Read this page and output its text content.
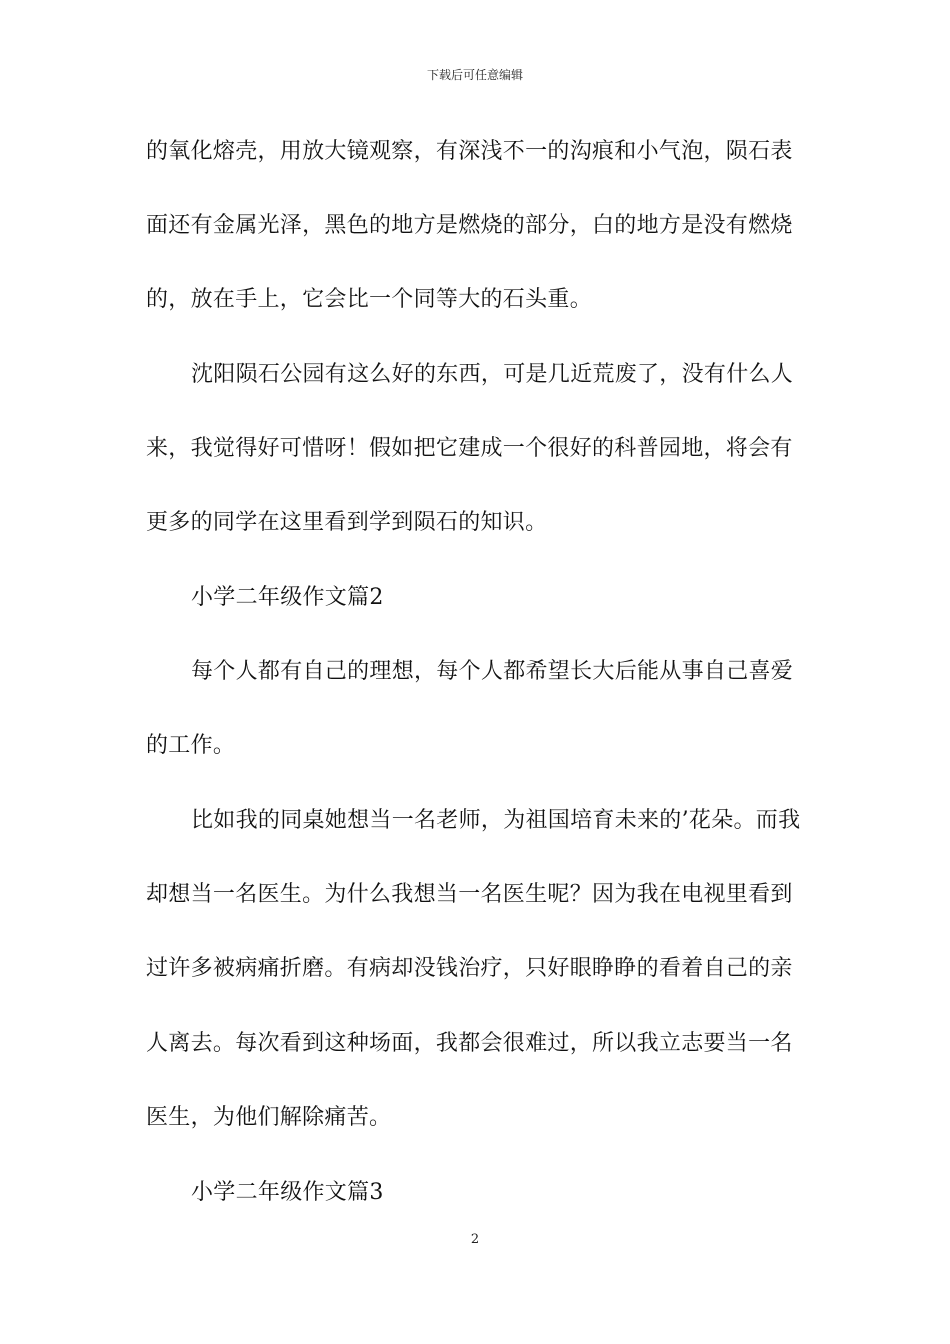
下载后可任意编辑
的氧化熔壳，用放大镜观察，有深浅不一的沟痕和小气泡，陨石表
面还有金属光泽，黑色的地方是燃烧的部分，白的地方是没有燃烧
的，放在手上，它会比一个同等大的石头重。
沈阳陨石公园有这么好的东西，可是几近荒废了，没有什么人
来，我觉得好可惜呀！假如把它建成一个很好的科普园地，将会有
更多的同学在这里看到学到陨石的知识。
小学二年级作文篇2
每个人都有自己的理想，每个人都希望长大后能从事自己喜爱
的工作。
比如我的同桌她想当一名老师，为祖国培育未来的’花朵。而我
却想当一名医生。为什么我想当一名医生呢？因为我在电视里看到
过许多被病痛折磨。有病却没钱治疗，只好眼睁睁的看着自己的亲
人离去。每次看到这种场面，我都会很难过，所以我立志要当一名
医生，为他们解除痛苦。
小学二年级作文篇3
2
